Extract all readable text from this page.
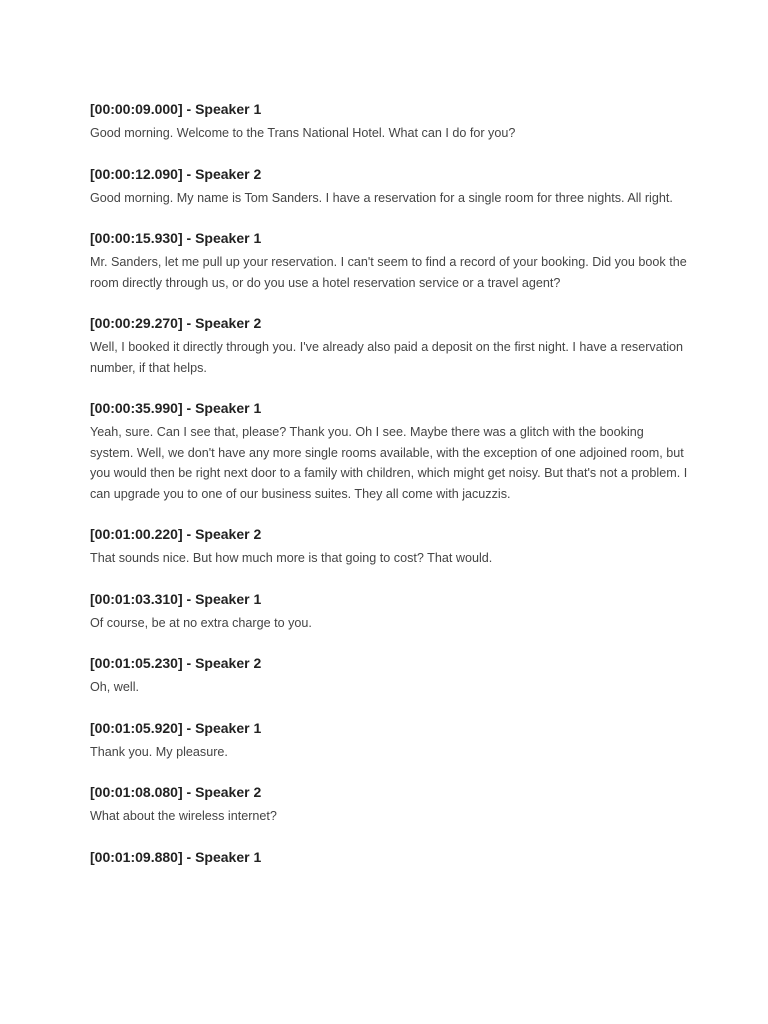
[00:00:09.000] - Speaker 1

Good morning. Welcome to the Trans National Hotel. What can I do for you?

[00:00:12.090] - Speaker 2

Good morning. My name is Tom Sanders. I have a reservation for a single room for three nights. All right.

[00:00:15.930] - Speaker 1

Mr. Sanders, let me pull up your reservation. I can't seem to find a record of your booking. Did you book the room directly through us, or do you use a hotel reservation service or a travel agent?

[00:00:29.270] - Speaker 2

Well, I booked it directly through you. I've already also paid a deposit on the first night. I have a reservation number, if that helps.

[00:00:35.990] - Speaker 1

Yeah, sure. Can I see that, please? Thank you. Oh I see. Maybe there was a glitch with the booking system. Well, we don't have any more single rooms available, with the exception of one adjoined room, but you would then be right next door to a family with children, which might get noisy. But that's not a problem. I can upgrade you to one of our business suites. They all come with jacuzzis.

[00:01:00.220] - Speaker 2

That sounds nice. But how much more is that going to cost? That would.

[00:01:03.310] - Speaker 1

Of course, be at no extra charge to you.

[00:01:05.230] - Speaker 2

Oh, well.

[00:01:05.920] - Speaker 1

Thank you. My pleasure.

[00:01:08.080] - Speaker 2

What about the wireless internet?

[00:01:09.880] - Speaker 1
